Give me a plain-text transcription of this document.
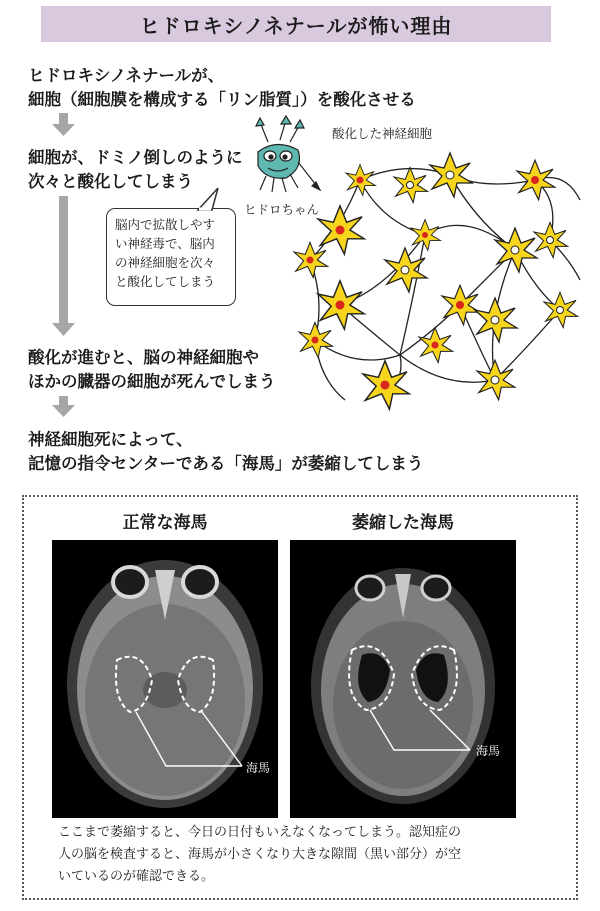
ヒドロキシノネナールが怖い理由
ヒドロキシノネナールが、
細胞（細胞膜を構成する「リン脂質」）を酸化させる
細胞が、ドミノ倒しのように
次々と酸化してしまう
酸化が進むと、脳の神経細胞や
ほかの臓器の細胞が死んでしまう
神経細胞死によって、
記憶の指令センターである「海馬」が萎縮してしまう
脳内で拡散しやす
い神経毒で、脳内
の神経細胞を次々
と酸化してしまう
ヒドロちゃん
酸化した神経細胞
正常な海馬	萎縮した海馬
海馬
海馬
ここまで萎縮すると、今日の日付もいえなくなってしまう。認知症の
人の脳を検査すると、海馬が小さくなり大きな隙間（黒い部分）が空
いているのが確認できる。
